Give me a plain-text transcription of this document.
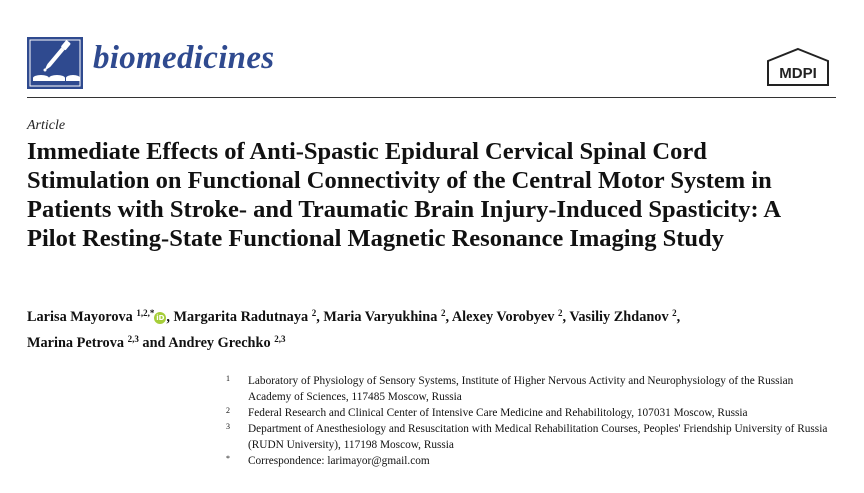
biomedicines	MDPI
Article
Immediate Effects of Anti-Spastic Epidural Cervical Spinal Cord Stimulation on Functional Connectivity of the Central Motor System in Patients with Stroke- and Traumatic Brain Injury-Induced Spasticity: A Pilot Resting-State Functional Magnetic Resonance Imaging Study
Larisa Mayorova $^{1,2,*}$ iD , Margarita Radutnaya $^2$, Maria Varyukhina $^2$, Alexey Vorobyev $^2$, Vasiliy Zhdanov $^2$,
Marina Petrova $^{2,3}$ and Andrey Grechko $^{2,3}$
1 Laboratory of Physiology of Sensory Systems, Institute of Higher Nervous Activity and Neurophysiology of the Russian Academy of Sciences, 117485 Moscow, Russia
2 Federal Research and Clinical Center of Intensive Care Medicine and Rehabilitology, 107031 Moscow, Russia
3 Department of Anesthesiology and Resuscitation with Medical Rehabilitation Courses, Peoples' Friendship University of Russia (RUDN University), 117198 Moscow, Russia
* Correspondence: larimayor@gmail.com
